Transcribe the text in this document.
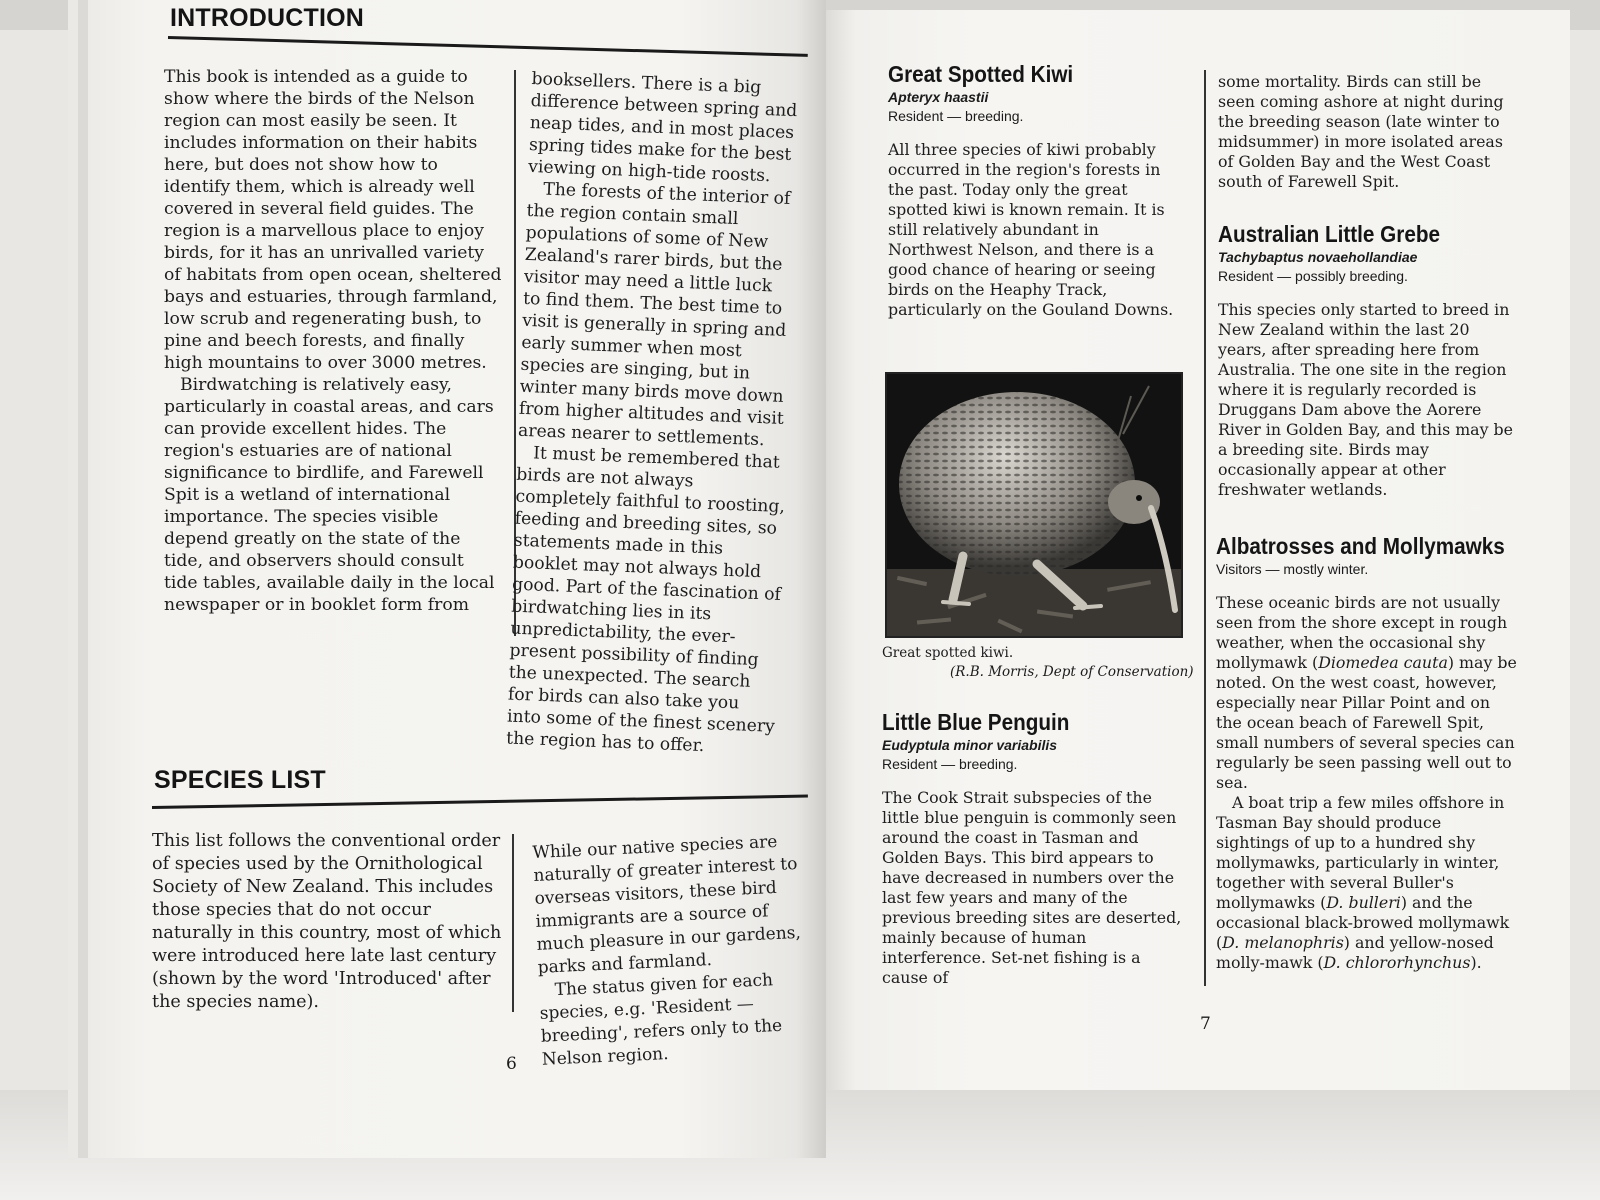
INTRODUCTION

This book is intended as a guide to show where the birds of the Nelson region can most easily be seen. It includes information on their habits here, but does not show how to identify them, which is already well covered in several field guides. The region is a marvellous place to enjoy birds, for it has an unrivalled variety of habitats from open ocean, sheltered bays and estuaries, through farmland, low scrub and regenerating bush, to pine and beech forests, and finally high mountains to over 3000 metres.

Birdwatching is relatively easy, particularly in coastal areas, and cars can provide excellent hides. The region's estuaries are of national significance to birdlife, and Farewell Spit is a wetland of international importance. The species visible depend greatly on the state of the tide, and observers should consult tide tables, available daily in the local newspaper or in booklet form from

booksellers. There is a big difference between spring and neap tides, and in most places spring tides make for the best viewing on high-tide roosts.

The forests of the interior of the region contain small populations of some of New Zealand's rarer birds, but the visitor may need a little luck to find them. The best time to visit is generally in spring and early summer when most species are singing, but in winter many birds move down from higher altitudes and visit areas nearer to settlements.

It must be remembered that birds are not always completely faithful to roosting, feeding and breeding sites, so statements made in this booklet may not always hold good. Part of the fascination of birdwatching lies in its unpredictability, the ever-present possibility of finding the unexpected. The search for birds can also take you into some of the finest scenery the region has to offer.

SPECIES LIST

This list follows the conventional order of species used by the Ornithological Society of New Zealand. This includes those species that do not occur naturally in this country, most of which were introduced here late last century (shown by the word 'Introduced' after the species name).

While our native species are naturally of greater interest to overseas visitors, these bird immigrants are a source of much pleasure in our gardens, parks and farmland.

The status given for each species, e.g. 'Resident — breeding', refers only to the Nelson region.

6
Great Spotted Kiwi
Apteryx haastii
Resident — breeding.
All three species of kiwi probably occurred in the region's forests in the past. Today only the great spotted kiwi is known remain. It is still relatively abundant in Northwest Nelson, and there is a good chance of hearing or seeing birds on the Heaphy Track, particularly on the Gouland Downs.
Great spotted kiwi.
(R.B. Morris, Dept of Conservation)
Little Blue Penguin
Eudyptula minor variabilis
Resident — breeding.
The Cook Strait subspecies of the little blue penguin is commonly seen around the coast in Tasman and Golden Bays. This bird appears to have decreased in numbers over the last few years and many of the previous breeding sites are deserted, mainly because of human interference. Set-net fishing is a cause of
some mortality. Birds can still be seen coming ashore at night during the breeding season (late winter to midsummer) in more isolated areas of Golden Bay and the West Coast south of Farewell Spit.
Australian Little Grebe
Tachybaptus novaehollandiae
Resident — possibly breeding.
This species only started to breed in New Zealand within the last 20 years, after spreading here from Australia. The one site in the region where it is regularly recorded is Druggans Dam above the Aorere River in Golden Bay, and this may be a breeding site. Birds may occasionally appear at other freshwater wetlands.
Albatrosses and Mollymawks
Visitors — mostly winter.

These oceanic birds are not usually seen from the shore except in rough weather, when the occasional shy mollymawk (Diomedea cauta) may be noted. On the west coast, however, especially near Pillar Point and on the ocean beach of Farewell Spit, small numbers of several species can regularly be seen passing well out to sea.

A boat trip a few miles offshore in Tasman Bay should produce sightings of up to a hundred shy mollymawks, particularly in winter, together with several Buller's mollymawks (D. bulleri) and the occasional black-browed mollymawk (D. melanophris) and yellow-nosed molly-mawk (D. chlororhynchus).

7
